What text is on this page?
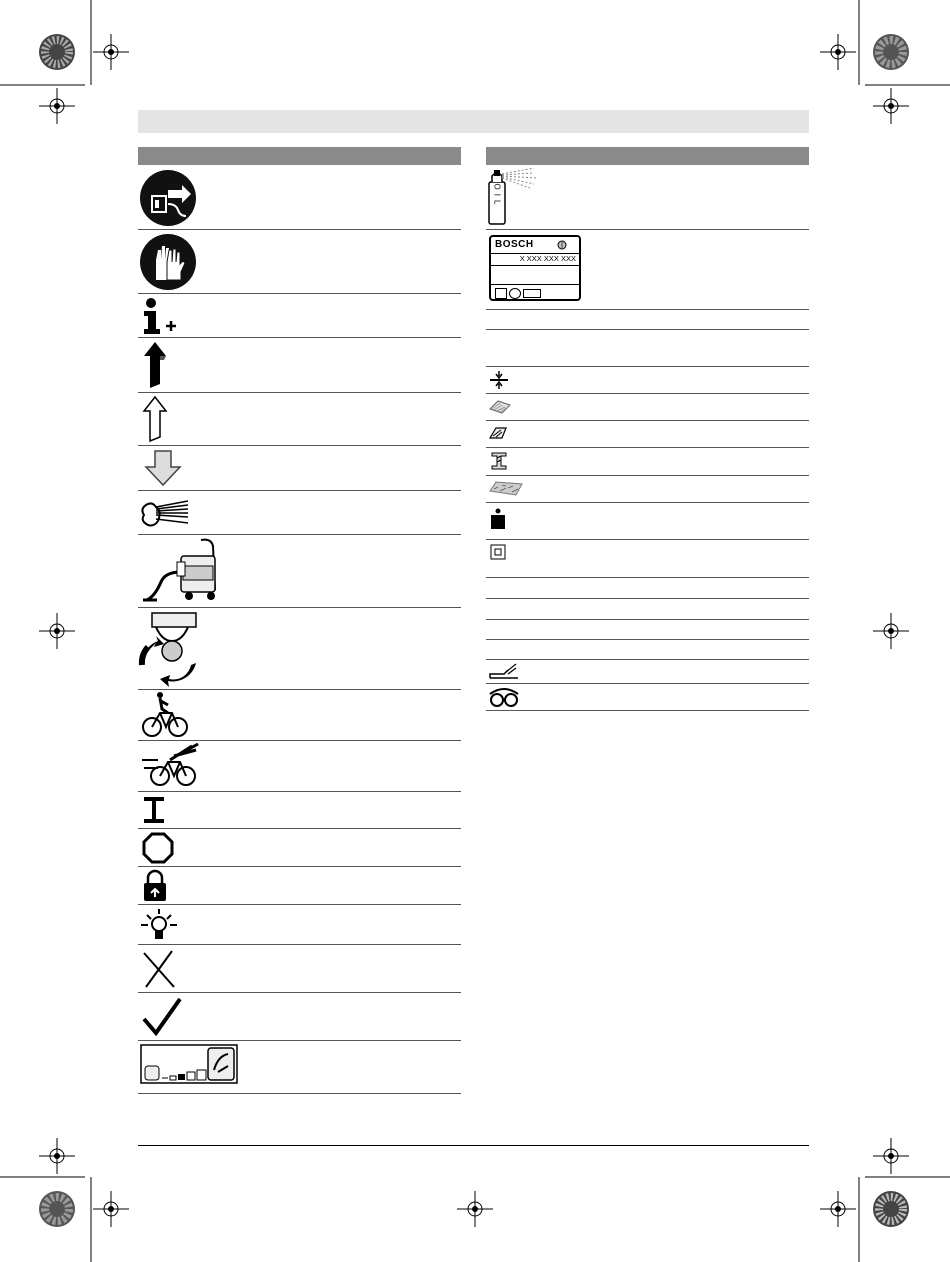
OIL
BOSCH
X XXX XXX XXX
